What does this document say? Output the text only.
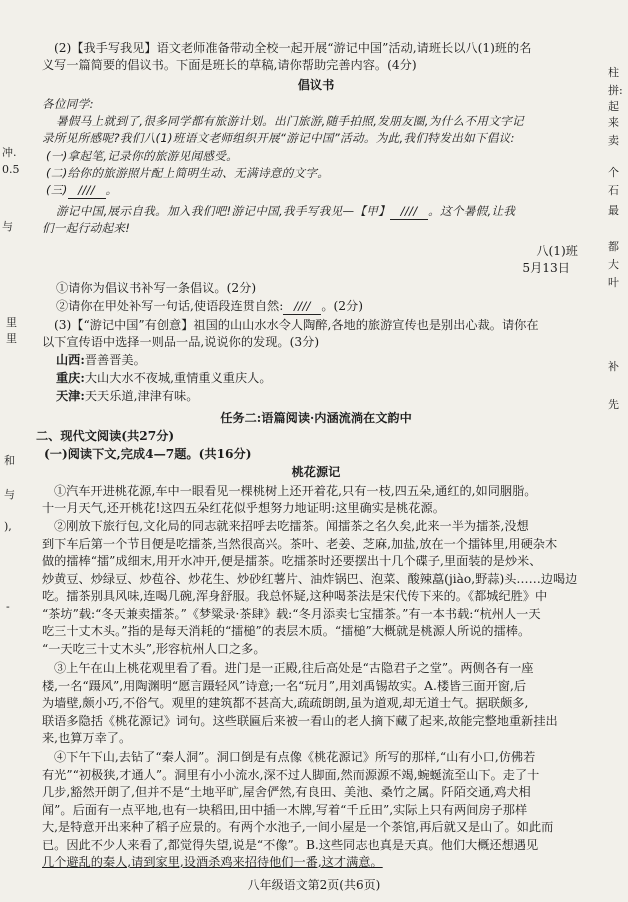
冲.
0.5
与
里
里
和
与
),
-
柱
拼:
起
来
卖
个
石
最
都
大
叶
补
先
(2)【我手写我见】语文老师准备带动全校一起开展“游记中国”活动,请班长以八(1)班的名
义写一篇简要的倡议书。下面是班长的草稿,请你帮助完善内容。(4分)
倡议书
各位同学:
暑假马上就到了,很多同学都有旅游计划。出门旅游,随手拍照,发朋友圈,为什么不用文字记
录所见所感呢?我们八(1)班语文老师组织开展“游记中国”活动。为此,我们特发出如下倡议:
(一)拿起笔,记录你的旅游见闻感受。
(二)给你的旅游照片配上简明生动、无满诗意的文字。
(三) //// 。
游记中国,展示自我。加入我们吧!游记中国,我手写我见—【甲】 //// 。这个暑假,让我
们一起行动起来!
八(1)班
5月13日
①请你为倡议书补写一条倡议。(2分)
②请你在甲处补写一句话,使语段连贯自然: //// 。(2分)
(3)【“游记中国”有创意】祖国的山山水水令人陶醉,各地的旅游宣传也是别出心裁。请你在
以下宣传语中选择一则品一品,说说你的发现。(3分)
山西:晋善晋美。
重庆:大山大水不夜城,重情重义重庆人。
天津:天天乐道,津津有味。
任务二:语篇阅读·内涵流淌在文韵中
二、现代文阅读(共27分)
(一)阅读下文,完成4—7题。(共16分)
桃花源记
①汽车开进桃花源,车中一眼看见一棵桃树上还开着花,只有一枝,四五朵,通红的,如同胭脂。
十一月天气,还开桃花!这四五朵红花似乎想努力地证明:这里确实是桃花源。
②刚放下旅行包,文化局的同志就来招呼去吃擂茶。闻擂茶之名久矣,此来一半为擂茶,没想
到下车后第一个节目便是吃擂茶,当然很高兴。茶叶、老姜、芝麻,加盐,放在一个擂钵里,用硬杂木
做的擂棒“擂”成细末,用开水冲开,便是擂茶。吃擂茶时还要摆出十几个碟子,里面装的是炒米、
炒黄豆、炒绿豆、炒苞谷、炒花生、炒砂红薯片、油炸锅巴、泡菜、酸辣藠(jiào,野蒜)头……边喝边
吃。擂茶别具风味,连喝几碗,浑身舒服。我总怀疑,这种喝茶法是宋代传下来的。《都城纪胜》中
“茶坊”载:“冬天兼卖擂茶。”《梦粱录·茶肆》载:“冬月添卖七宝擂茶。”有一本书载:“杭州人一天
吃三十丈木头。”指的是每天消耗的“擂槌”的表层木质。“擂槌”大概就是桃源人所说的擂棒。
“一天吃三十丈木头”,形容杭州人口之多。
③上午在山上桃花观里看了看。进门是一正殿,往后高处是“古隐君子之堂”。两侧各有一座
楼,一名“蹑风”,用陶渊明“愿言蹑轻风”诗意;一名“玩月”,用刘禹锡故实。A.楼皆三面开窗,后
为墙壁,颇小巧,不俗气。观里的建筑都不甚高大,疏疏朗朗,虽为道观,却无道士气。据联颇多,
联语多隐括《桃花源记》词句。这些联匾后来被一看山的老人摘下藏了起来,故能完整地重新挂出
来,也算万幸了。
④下午下山,去钻了“秦人洞”。洞口倒是有点像《桃花源记》所写的那样,“山有小口,仿佛若
有光”“初极狭,才通人”。洞里有小小流水,深不过人脚面,然而源源不竭,蜿蜒流至山下。走了十
几步,豁然开朗了,但并不是“土地平旷,屋舍俨然,有良田、美池、桑竹之属。阡陌交通,鸡犬相
闻”。后面有一点平地,也有一块稻田,田中插一木牌,写着“千丘田”,实际上只有两间房子那样
大,是特意开出来种了稻子应景的。有两个水池子,一间小屋是一个茶馆,再后就又是山了。如此而
已。因此不少人来看了,都觉得失望,说是“不像”。B.这些同志也真是天真。他们大概还想遇见
几个避乱的秦人,请到家里,设酒杀鸡来招待他们一番,这才满意。
八年级语文第2页(共6页)
